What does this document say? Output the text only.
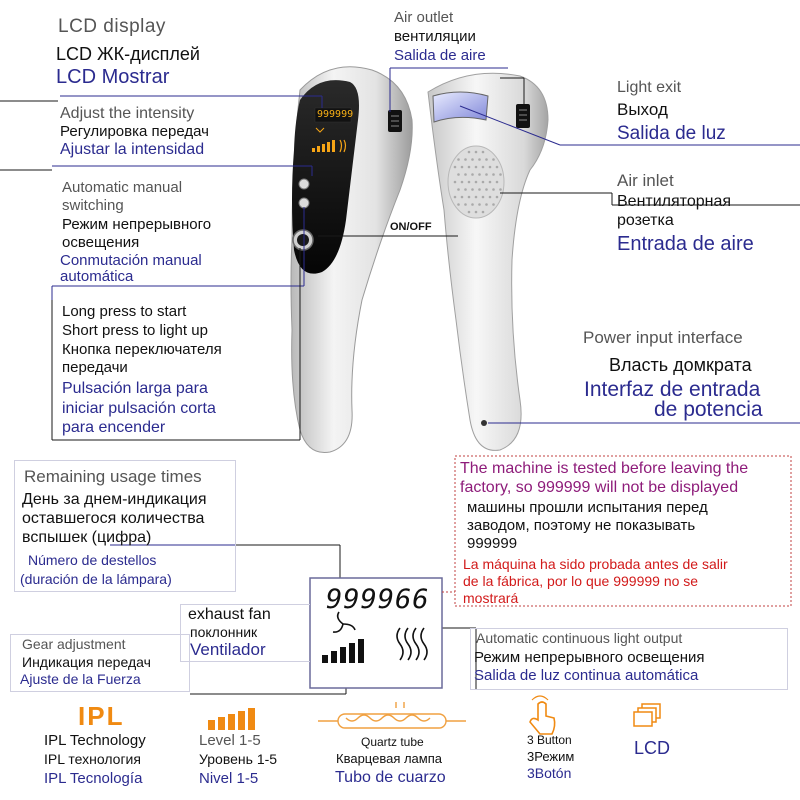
999999
LCD display
LCD ЖК-дисплей
LCD Mostrar
Adjust the intensity
Регулировка передач
Ajustar la intensidad
Automatic manual
switching
Режим непрерывного
освещения
Conmutación manual
automática
Long press to start
Short press to light up
Кнопка переключателя
передачи
Pulsación larga para
iniciar pulsación corta
para encender
ON/OFF
Air outlet
вентиляции
Salida de aire
Light exit
Выход
Salida de luz
Air inlet
Вентиляторная
розетка
Entrada de aire
Power input interface
Власть домкрата
Interfaz de entrada
de potencia
Remaining usage times
День за днем-индикация
оставшегося количества
вспышек (цифра)
Número de destellos
(duración de la lámpara)
The machine is tested before leaving the
factory, so 999999 will not be displayed
машины прошли испытания перед
заводом, поэтому не показывать
999999
La máquina ha sido probada antes de salir
de la fábrica, por lo que 999999 no se
mostrará
999966
exhaust fan
поклонник
Ventilador
Gear adjustment
Индикация передач
Ajuste de la Fuerza
Automatic continuous light output
Режим непрерывного освещения
Salida de luz continua automática
IPL
IPL Technology
IPL технология
IPL Tecnología
Level 1-5
Уровень 1-5
Nivel 1-5
Quartz tube
Кварцевая лампа
Tubo de cuarzo
3 Button
3Режим
3Botón
LCD
